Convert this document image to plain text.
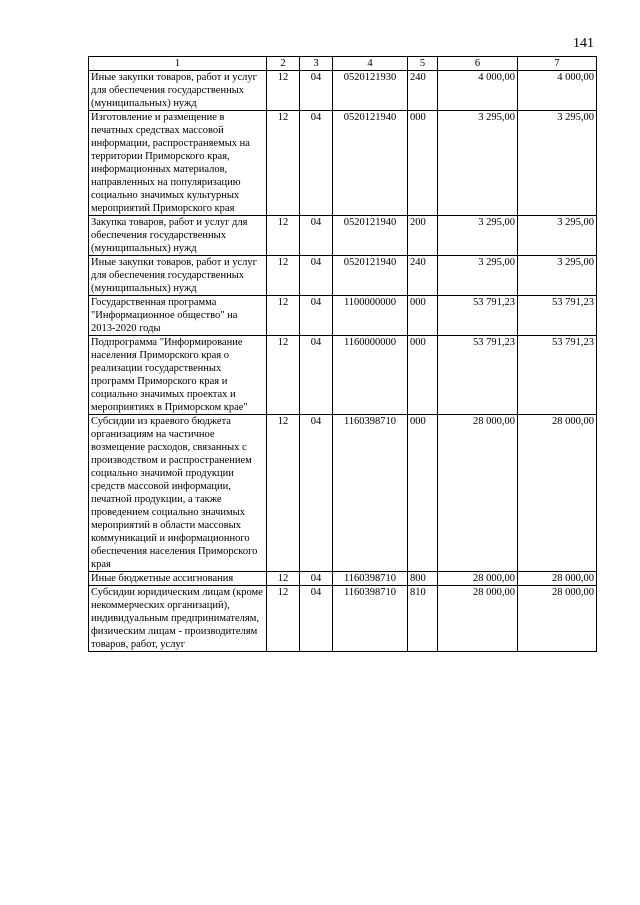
141
1	2	3	4	5	6	7
Иные закупки товаров, работ и услуг для обеспечения государственных (муниципальных) нужд	12	04	0520121930	240	4 000,00	4 000,00
Изготовление и размещение в печатных средствах массовой информации, распространяемых на территории Приморского края, информационных материалов, направленных на популяризацию социально значимых культурных мероприятий Приморского края	12	04	0520121940	000	3 295,00	3 295,00
Закупка товаров, работ и услуг для обеспечения государственных (муниципальных) нужд	12	04	0520121940	200	3 295,00	3 295,00
Иные закупки товаров, работ и услуг для обеспечения государственных (муниципальных) нужд	12	04	0520121940	240	3 295,00	3 295,00
Государственная программа "Информационное общество" на 2013-2020 годы	12	04	1100000000	000	53 791,23	53 791,23
Подпрограмма "Информирование населения Приморского края о реализации государственных программ Приморского края и социально значимых проектах и мероприятиях в Приморском крае"	12	04	1160000000	000	53 791,23	53 791,23
Субсидии из краевого бюджета организациям на частичное возмещение расходов, связанных с производством и распространением социально значимой продукции средств массовой информации, печатной продукции, а также проведением социально значимых мероприятий в области массовых коммуникаций и информационного обеспечения населения Приморского края	12	04	1160398710	000	28 000,00	28 000,00
Иные бюджетные ассигнования	12	04	1160398710	800	28 000,00	28 000,00
Субсидии юридическим лицам (кроме некоммерческих организаций), индивидуальным предпринимателям, физическим лицам - производителям товаров, работ, услуг	12	04	1160398710	810	28 000,00	28 000,00
